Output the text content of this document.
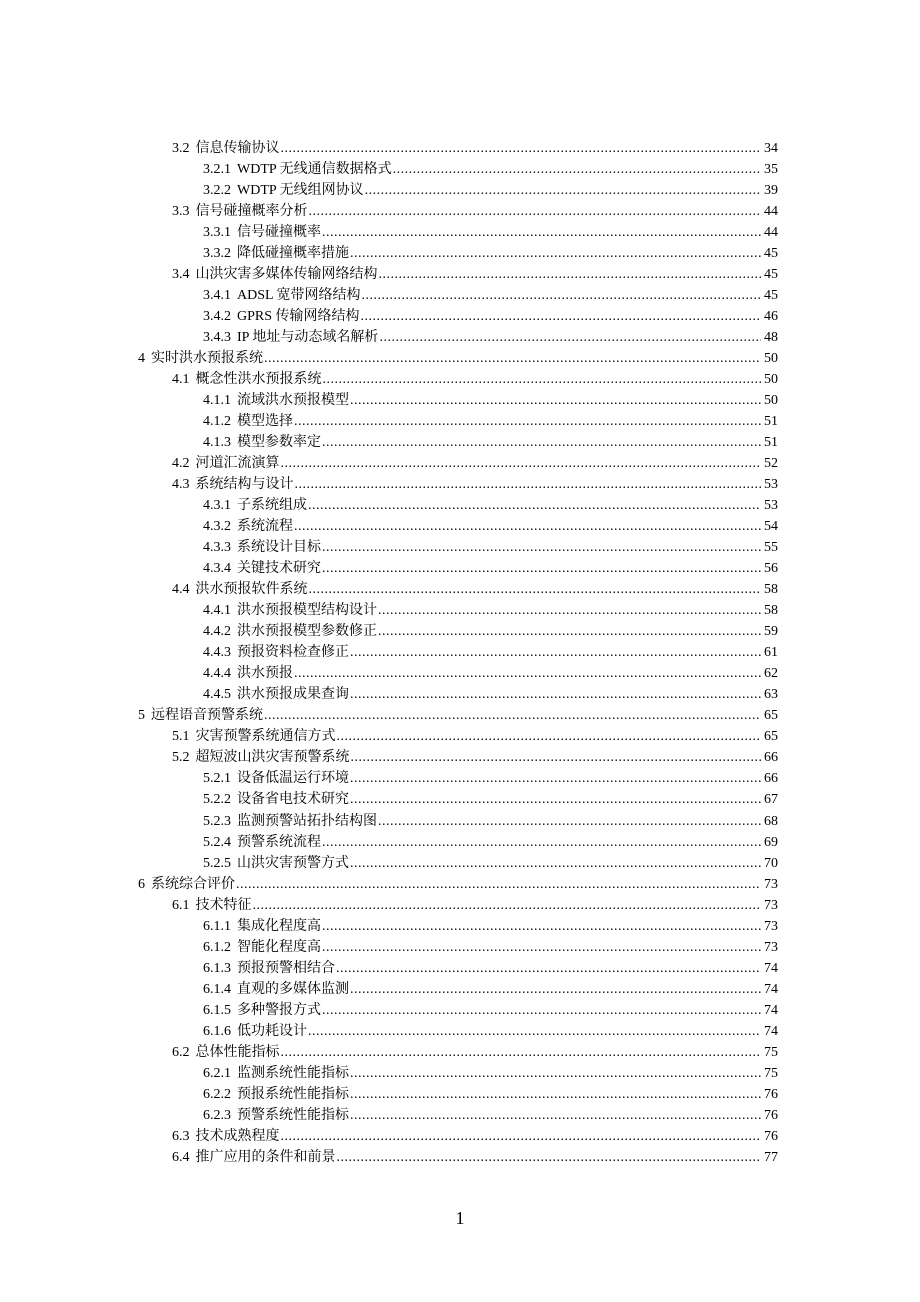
3.2 信息传输协议 .....	34
3.2.1 WDTP 无线通信数据格式 .....	35
3.2.2 WDTP 无线组网协议 .....	39
3.3 信号碰撞概率分析 .....	44
3.3.1 信号碰撞概率 .....	44
3.3.2 降低碰撞概率措施 .....	45
3.4 山洪灾害多媒体传输网络结构 .....	45
3.4.1 ADSL 宽带网络结构 .....	45
3.4.2 GPRS 传输网络结构 .....	46
3.4.3 IP 地址与动态域名解析 .....	48
4 实时洪水预报系统 .....	50
4.1 概念性洪水预报系统 .....	50
4.1.1 流域洪水预报模型 .....	50
4.1.2 模型选择 .....	51
4.1.3 模型参数率定 .....	51
4.2 河道汇流演算 .....	52
4.3 系统结构与设计 .....	53
4.3.1 子系统组成 .....	53
4.3.2 系统流程 .....	54
4.3.3 系统设计目标 .....	55
4.3.4 关键技术研究 .....	56
4.4 洪水预报软件系统 .....	58
4.4.1 洪水预报模型结构设计 .....	58
4.4.2 洪水预报模型参数修正 .....	59
4.4.3 预报资料检查修正 .....	61
4.4.4 洪水预报 .....	62
4.4.5 洪水预报成果查询 .....	63
5 远程语音预警系统 .....	65
5.1 灾害预警系统通信方式 .....	65
5.2 超短波山洪灾害预警系统 .....	66
5.2.1 设备低温运行环境 .....	66
5.2.2 设备省电技术研究 .....	67
5.2.3 监测预警站拓扑结构图 .....	68
5.2.4 预警系统流程 .....	69
5.2.5 山洪灾害预警方式 .....	70
6 系统综合评价 .....	73
6.1 技术特征 .....	73
6.1.1 集成化程度高 .....	73
6.1.2 智能化程度高 .....	73
6.1.3 预报预警相结合 .....	74
6.1.4 直观的多媒体监测 .....	74
6.1.5 多种警报方式 .....	74
6.1.6 低功耗设计 .....	74
6.2 总体性能指标 .....	75
6.2.1 监测系统性能指标 .....	75
6.2.2 预报系统性能指标 .....	76
6.2.3 预警系统性能指标 .....	76
6.3 技术成熟程度 .....	76
6.4 推广应用的条件和前景 .....	77
1
